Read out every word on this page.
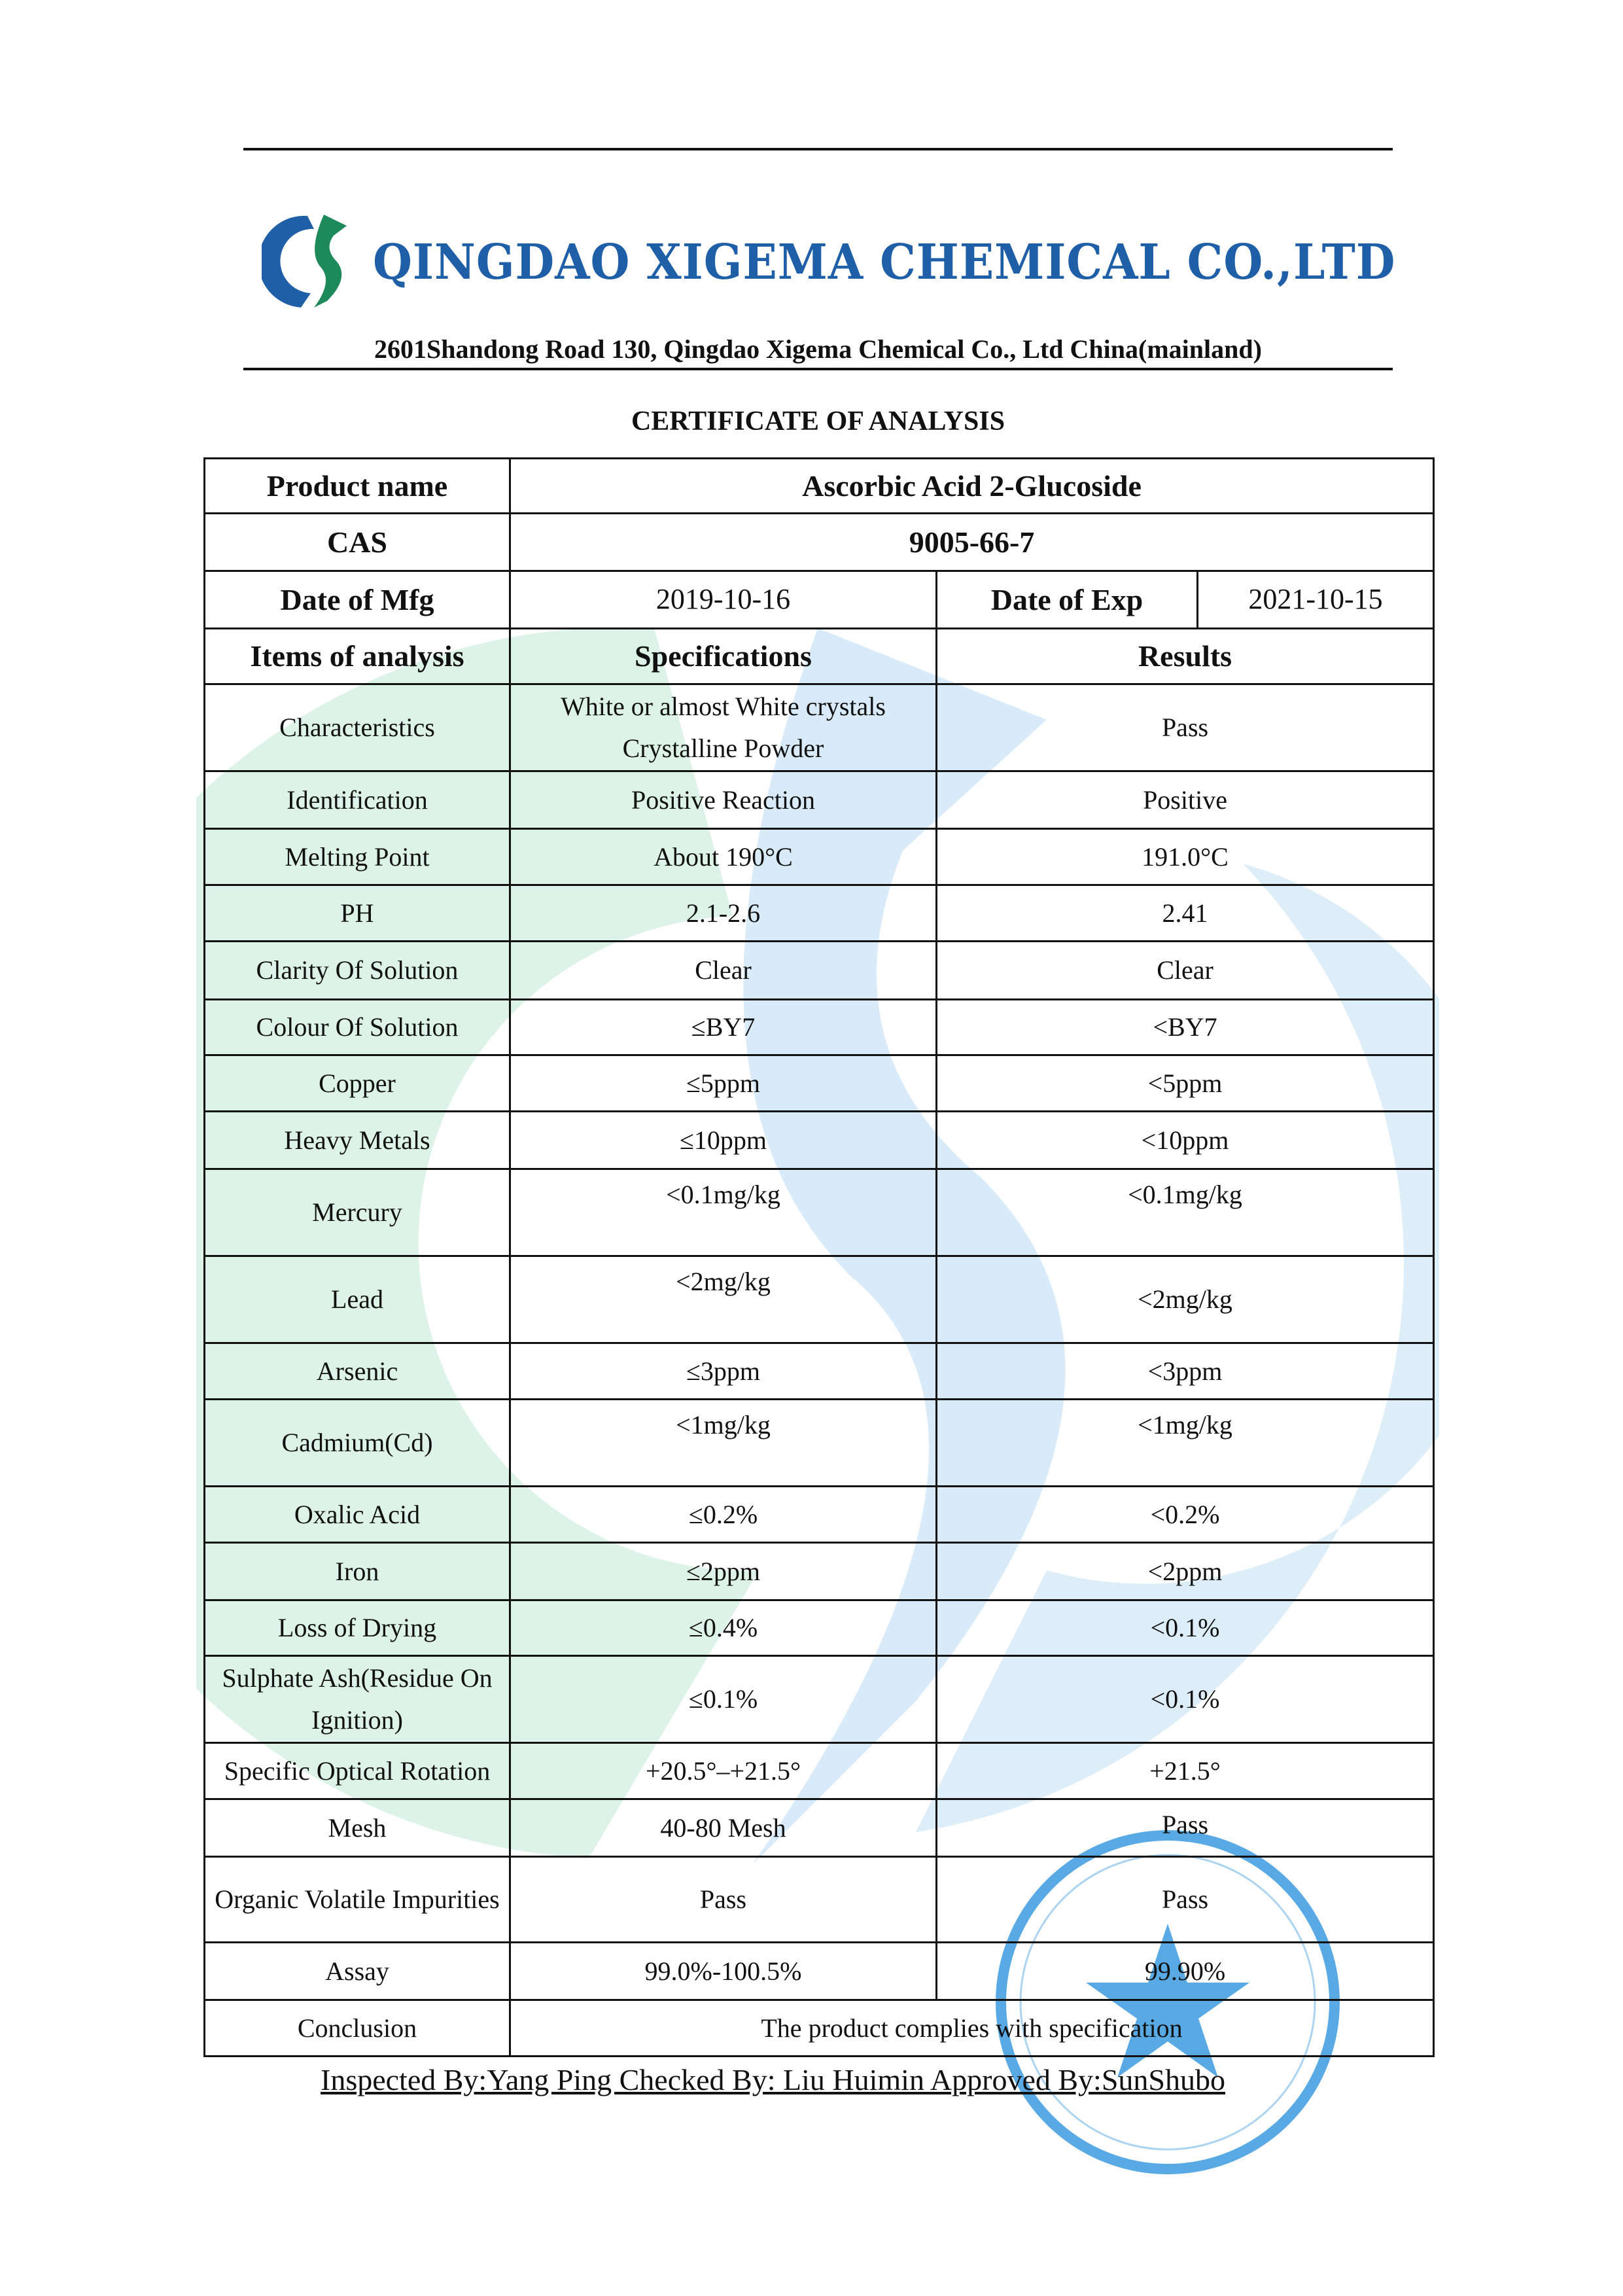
QINGDAO XIGEMA CHEMICAL CO.,LTD
2601Shandong Road 130, Qingdao Xigema Chemical Co., Ltd China(mainland)
CERTIFICATE OF ANALYSIS
Product name	Ascorbic Acid 2-Glucoside		
CAS	9005-66-7		
Date of Mfg	2019-10-16	Date of Exp	2021-10-15
Items of analysis	Specifications	Results	
Characteristics	White or almost White crystals Crystalline Powder	Pass	
Identification	Positive Reaction	Positive	
Melting Point	About 190°C	191.0°C	
PH	2.1-2.6	2.41	
Clarity Of Solution	Clear	Clear	
Colour Of Solution	≤BY7	<BY7	
Copper	≤5ppm	<5ppm	
Heavy Metals	≤10ppm	<10ppm	
Mercury	<0.1mg/kg	<0.1mg/kg	
Lead	<2mg/kg	<2mg/kg	
Arsenic	≤3ppm	<3ppm	
Cadmium(Cd)	<1mg/kg	<1mg/kg	
Oxalic Acid	≤0.2%	<0.2%	
Iron	≤2ppm	<2ppm	
Loss of Drying	≤0.4%	<0.1%	
Sulphate Ash(Residue On Ignition)	≤0.1%	<0.1%	
Specific Optical Rotation	+20.5°–+21.5°	+21.5°	
Mesh	40-80 Mesh	Pass	
Organic Volatile Impurities	Pass	Pass	
Assay	99.0%-100.5%	99.90%	
Conclusion	The product complies with specification		
Inspected By:Yang Ping Checked By: Liu Huimin Approved By:SunShubo
